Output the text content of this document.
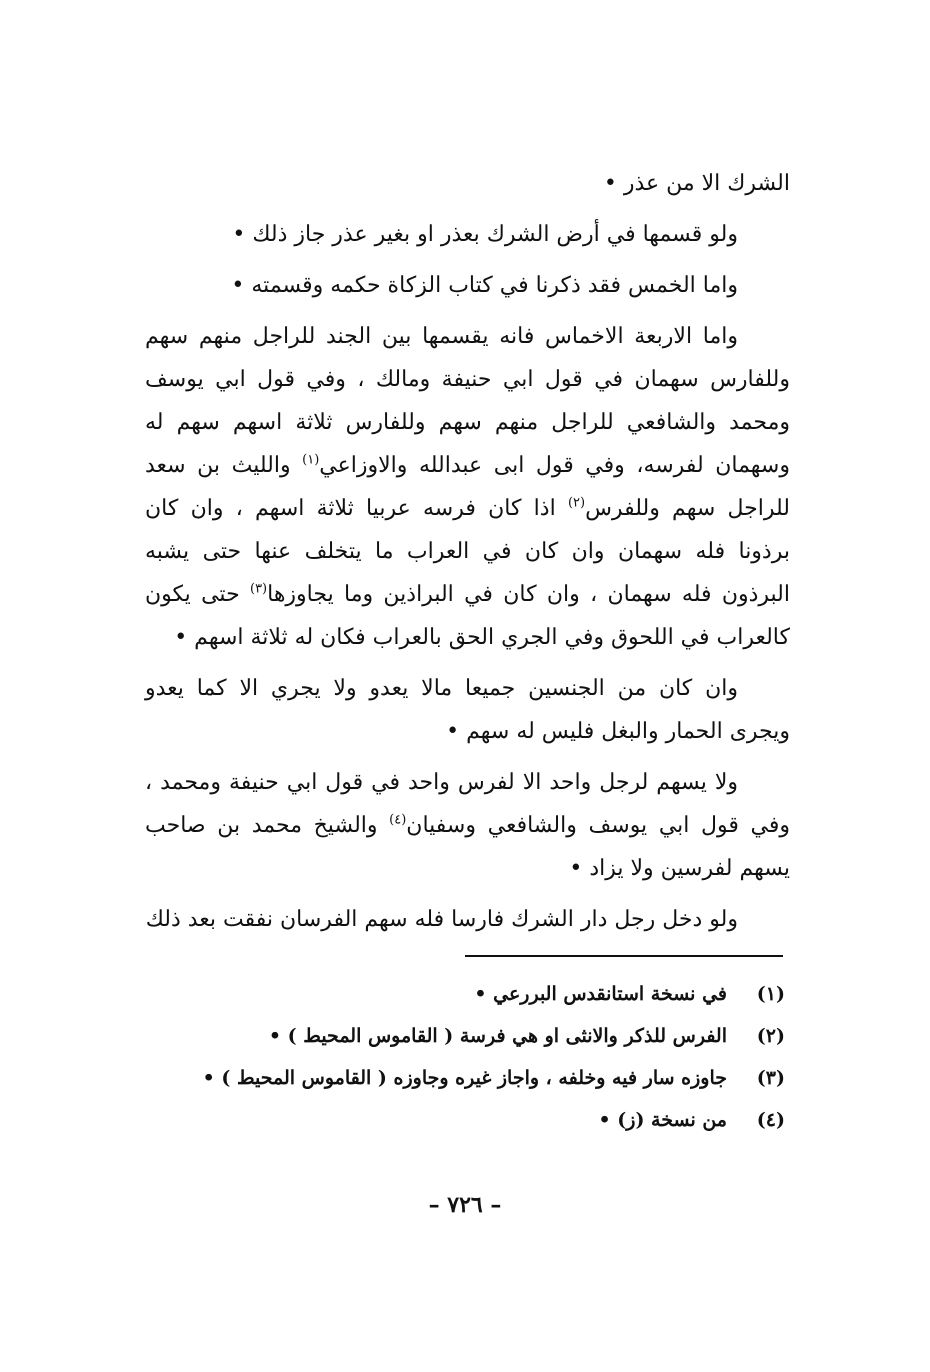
الشرك الا من عذر •

ولو قسمها في أرض الشرك بعذر او بغير عذر جاز ذلك •

واما الخمس فقد ذكرنا في كتاب الزكاة حكمه وقسمته •

واما الاربعة الاخماس فانه يقسمها بين الجند للراجل منهم سهم وللفارس سهمان في قول ابي حنيفة ومالك ، وفي قول ابي يوسف ومحمد والشافعي للراجل منهم سهم وللفارس ثلاثة اسهم سهم له وسهمان لفرسه، وفي قول ابى عبدالله والاوزاعي$^{(١)}$ والليث بن سعد للراجل سهم وللفرس$^{(٢)}$ اذا كان فرسه عربيا ثلاثة اسهم ، وان كان برذونا فله سهمان وان كان في العراب ما يتخلف عنها حتى يشبه البرذون فله سهمان ، وان كان في البراذين وما يجاوزها$^{(٣)}$ حتى يكون كالعراب في اللحوق وفي الجري الحق بالعراب فكان له ثلاثة اسهم •

وان كان من الجنسين جميعا مالا يعدو ولا يجري الا كما يعدو ويجرى الحمار والبغل فليس له سهم •

ولا يسهم لرجل واحد الا لفرس واحد في قول ابي حنيفة ومحمد ، وفي قول ابي يوسف والشافعي وسفيان$^{(٤)}$ والشيخ محمد بن صاحب يسهم لفرسين ولا يزاد •

ولو دخل رجل دار الشرك فارسا فله سهم الفرسان نفقت بعد ذلك

(١)في نسخة استانقدس البررعي •

(٢)الفرس للذكر والانثى او هي فرسة ( القاموس المحيط ) •

(٣)جاوزه سار فيه وخلفه ، واجاز غيره وجاوزه ( القاموس المحيط ) •

(٤)من نسخة (ز) •

– ٧٢٦ –
